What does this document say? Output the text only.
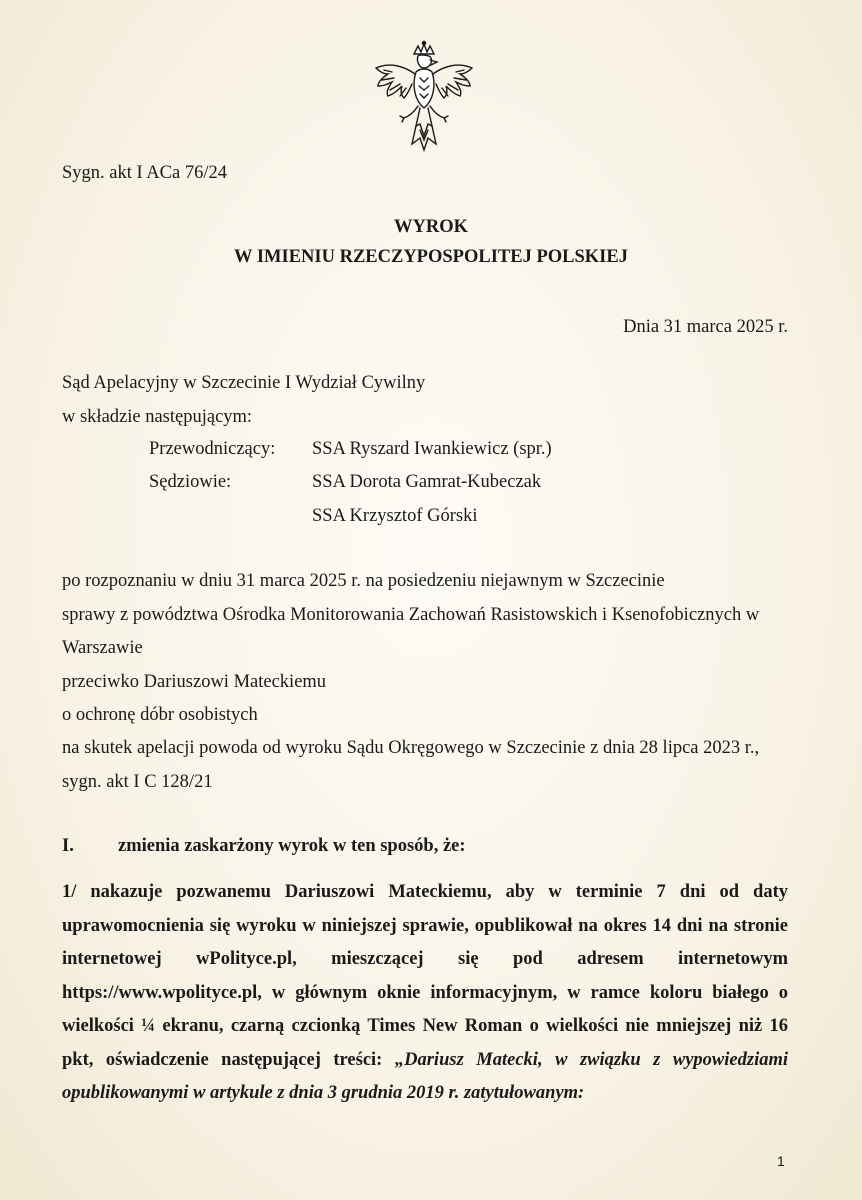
Sygn. akt I ACa 76/24
WYROK
W IMIENIU RZECZYPOSPOLITEJ POLSKIEJ
Dnia 31 marca 2025 r.
Sąd Apelacyjny w Szczecinie I Wydział Cywilny
w składzie następującym:
Przewodniczący: SSA Ryszard Iwankiewicz (spr.)
Sędziowie:	SSA Dorota Gamrat-Kubeczak
SSA Krzysztof Górski
po rozpoznaniu w dniu 31 marca 2025 r. na posiedzeniu niejawnym w Szczecinie
sprawy z powództwa Ośrodka Monitorowania Zachowań Rasistowskich i Ksenofobicznych w
Warszawie
przeciwko Dariuszowi Mateckiemu
o ochronę dóbr osobistych
na skutek apelacji powoda od wyroku Sądu Okręgowego w Szczecinie z dnia 28 lipca 2023 r.,
sygn. akt I C 128/21
I. zmienia zaskarżony wyrok w ten sposób, że:
1/ nakazuje pozwanemu Dariuszowi Mateckiemu, aby w terminie 7 dni od daty
uprawomocnienia się wyroku w niniejszej sprawie, opublikował na okres 14 dni na stronie
internetowej wPolityce.pl, mieszczącej się pod adresem internetowym
https://www.wpolityce.pl, w głównym oknie informacyjnym, w ramce koloru białego o
wielkości ¼ ekranu, czarną czcionką Times New Roman o wielkości nie mniejszej niż 16
pkt, oświadczenie następującej treści: „Dariusz Matecki, w związku z wypowiedziami
opublikowanymi w artykule z dnia 3 grudnia 2019 r. zatytułowanym:
1
